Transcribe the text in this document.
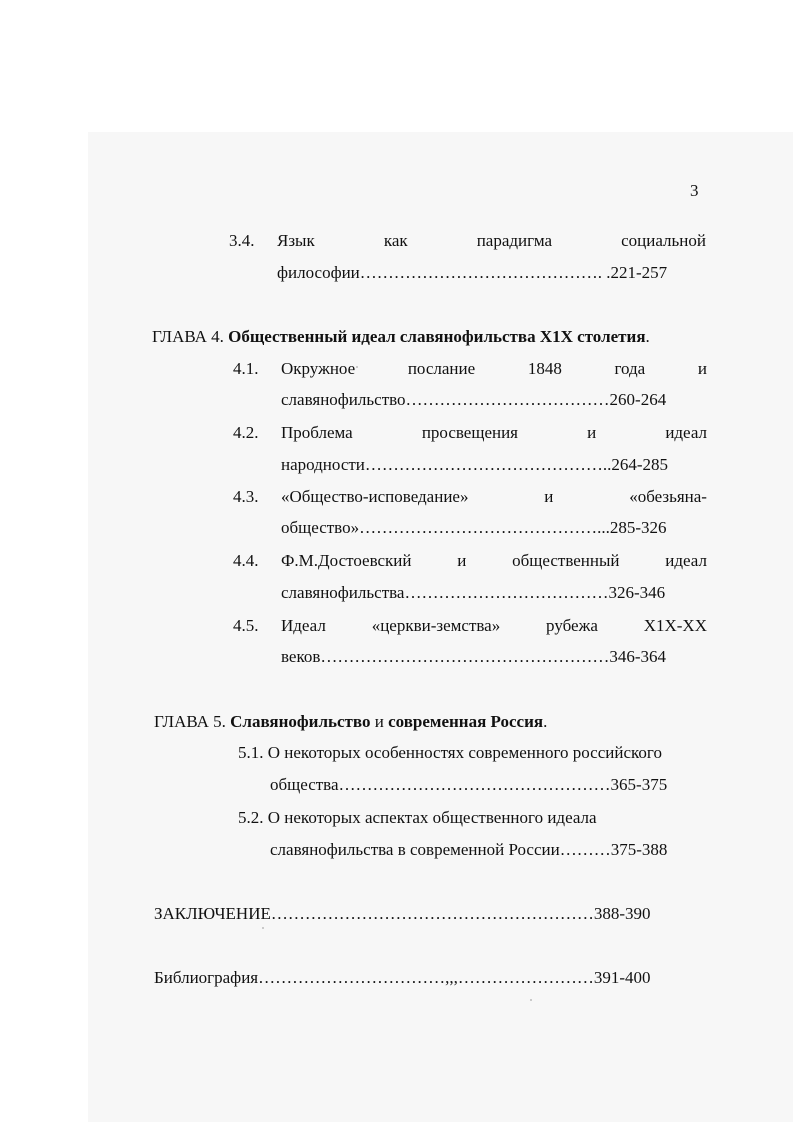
3
3.4.	Язык	как	парадигма	социальной
философии……………………………………. .221-257
ГЛАВА 4. Общественный идеал славянофильства Х1Х столетия.
4.1.	Окружное	послание	1848	года	и
славянофильство………………………………260-264
4.2.	Проблема	просвещения	и	идеал
народности……………………………………..264-285
4.3.	«Общество-исповедание»	и	«обезьяна-
общество»……………………………………...285-326
4.4.	Ф.М.Достоевский	и	общественный	идеал
славянофильства………………………………326-346
4.5.	Идеал	«церкви-земства»	рубежа	Х1Х-ХХ
веков……………………………………………346-364
ГЛАВА 5. Славянофильство и современная Россия.
5.1. О некоторых особенностях современного российского
общества…………………………………………365-375
5.2. О некоторых аспектах общественного идеала
славянофильства в современной России………375-388
ЗАКЛЮЧЕНИЕ…………………………………………………388-390
Библиография……………………………,,,……………………391-400
